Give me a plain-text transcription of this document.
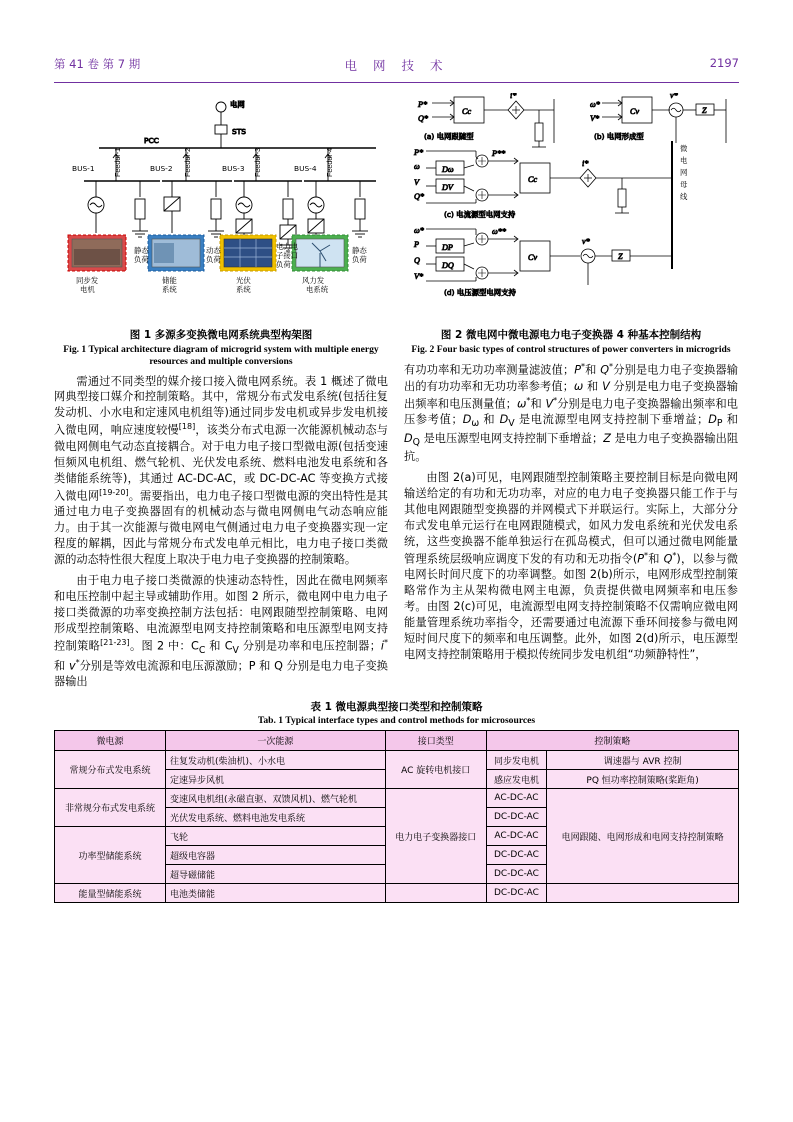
第 41 卷 第 7 期	电 网 技 术	2197
电网
STS
PCC
BUS-1	BUS-2	BUS-3	BUS-4
Feeder-1	Feeder-2	Feeder-3	Feeder-4
同步发
电机
储能
系统
光伏
系统
风力发
电系统
静态
负荷
动态
负荷
电力电
子接口
负荷
静态
负荷
图 1 多源多变换微电网系统典型构架图
Fig. 1 Typical architecture diagram of microgrid system with multiple energy resources and multiple conversions

需通过不同类型的媒介接口接入微电网系统。表 1 概述了微电网典型接口媒介和控制策略。其中，常规分布式发电系统(包括往复发动机、小水电和定速风电机组等)通过同步发电机或异步发电机接入微电网，响应速度较慢[18]，该类分布式电源一次能源机械动态与微电网侧电气动态直接耦合。对于电力电子接口型微电源(包括变速恒频风电机组、燃气轮机、光伏发电系统、燃料电池发电系统和各类储能系统等)，其通过 AC-DC-AC，或 DC-DC-AC 等变换方式接入微电网[19-20]。需要指出，电力电子接口型微电源的突出特性是其通过电力电子变换器固有的机械动态与微电网侧电气动态响应能力。由于其一次能源与微电网电气侧通过电力电子变换器实现一定程度的解耦，因此与常规分布式发电单元相比，电力电子接口类微源的动态特性很大程度上取决于电力电子变换器的控制策略。

由于电力电子接口类微源的快速动态特性，因此在微电网频率和电压控制中起主导或辅助作用。如图 2 所示，微电网中电力电子接口类微源的功率变换控制方法包括：电网跟随型控制策略、电网形成型控制策略、电流源型电网支持控制策略和电压源型电网支持控制策略[21-23]。图 2 中：$C_C$ 和 $C_V$ 分别是功率和电压控制器；i*和 v*分别是等效电流源和电压源激励；P 和 Q 分别是电力电子变换器输出

P*
Q*
Cc
i*
(a) 电网跟随型
ω*
V*
Cv
v*
Z
(b) 电网形成型
P*
ω
V
Q*
Dω
DV
P**
Cc
i*
(c) 电流源型电网支持
ω*
P
Q
V*
DP
DQ
ω**
Cv
v*
Z
(d) 电压源型电网支持
微
电
网
母
线
图 2 微电网中微电源电力电子变换器 4 种基本控制结构
Fig. 2 Four basic types of control structures of power converters in microgrids

有功功率和无功功率测量滤波值；P*和 Q*分别是电力电子变换器输出的有功功率和无功功率参考值；ω 和 V 分别是电力电子变换器输出频率和电压测量值；ω*和 V*分别是电力电子变换器输出频率和电压参考值；$D_\omega$ 和 $D_V$ 是电流源型电网支持控制下垂增益；$D_P$ 和 $D_Q$ 是电压源型电网支持控制下垂增益；Z 是电力电子变换器输出阻抗。

由图 2(a)可见，电网跟随型控制策略主要控制目标是向微电网输送给定的有功和无功功率，对应的电力电子变换器只能工作于与其他电网跟随型变换器的并网模式下并联运行。实际上，大部分分布式发电单元运行在电网跟随模式，如风力发电系统和光伏发电系统，这些变换器不能单独运行在孤岛模式，但可以通过微电网能量管理系统层级响应调度下发的有功和无功指令(P*和 Q*)，以参与微电网长时间尺度下的功率调整。如图 2(b)所示，电网形成型控制策略常作为主从架构微电网主电源，负责提供微电网频率和电压参考。由图 2(c)可见，电流源型电网支持控制策略不仅需响应微电网能量管理系统功率指令，还需要通过电流源下垂环间接参与微电网短时间尺度下的频率和电压调整。此外，如图 2(d)所示，电压源型电网支持控制策略用于模拟传统同步发电机组“功频静特性”，

表 1 微电源典型接口类型和控制策略
Tab. 1 Typical interface types and control methods for microsources
微电源	一次能源	接口类型	控制策略	
常规分布式发电系统	往复发动机(柴油机)、小水电	AC 旋转电机接口	同步发电机	调速器与 AVR 控制
	定速异步风机		感应发电机	PQ 恒功率控制策略(桨距角)
非常规分布式发电系统	变速风电机组(永磁直驱、双馈风机)、燃气轮机	电力电子变换器接口	AC-DC-AC	电网跟随、电网形成和电网支持控制策略
	光伏发电系统、燃料电池发电系统		DC-DC-AC	
功率型储能系统	飞轮		AC-DC-AC	
	超级电容器		DC-DC-AC	
	超导磁储能		DC-DC-AC	
能量型储能系统	电池类储能		DC-DC-AC	
